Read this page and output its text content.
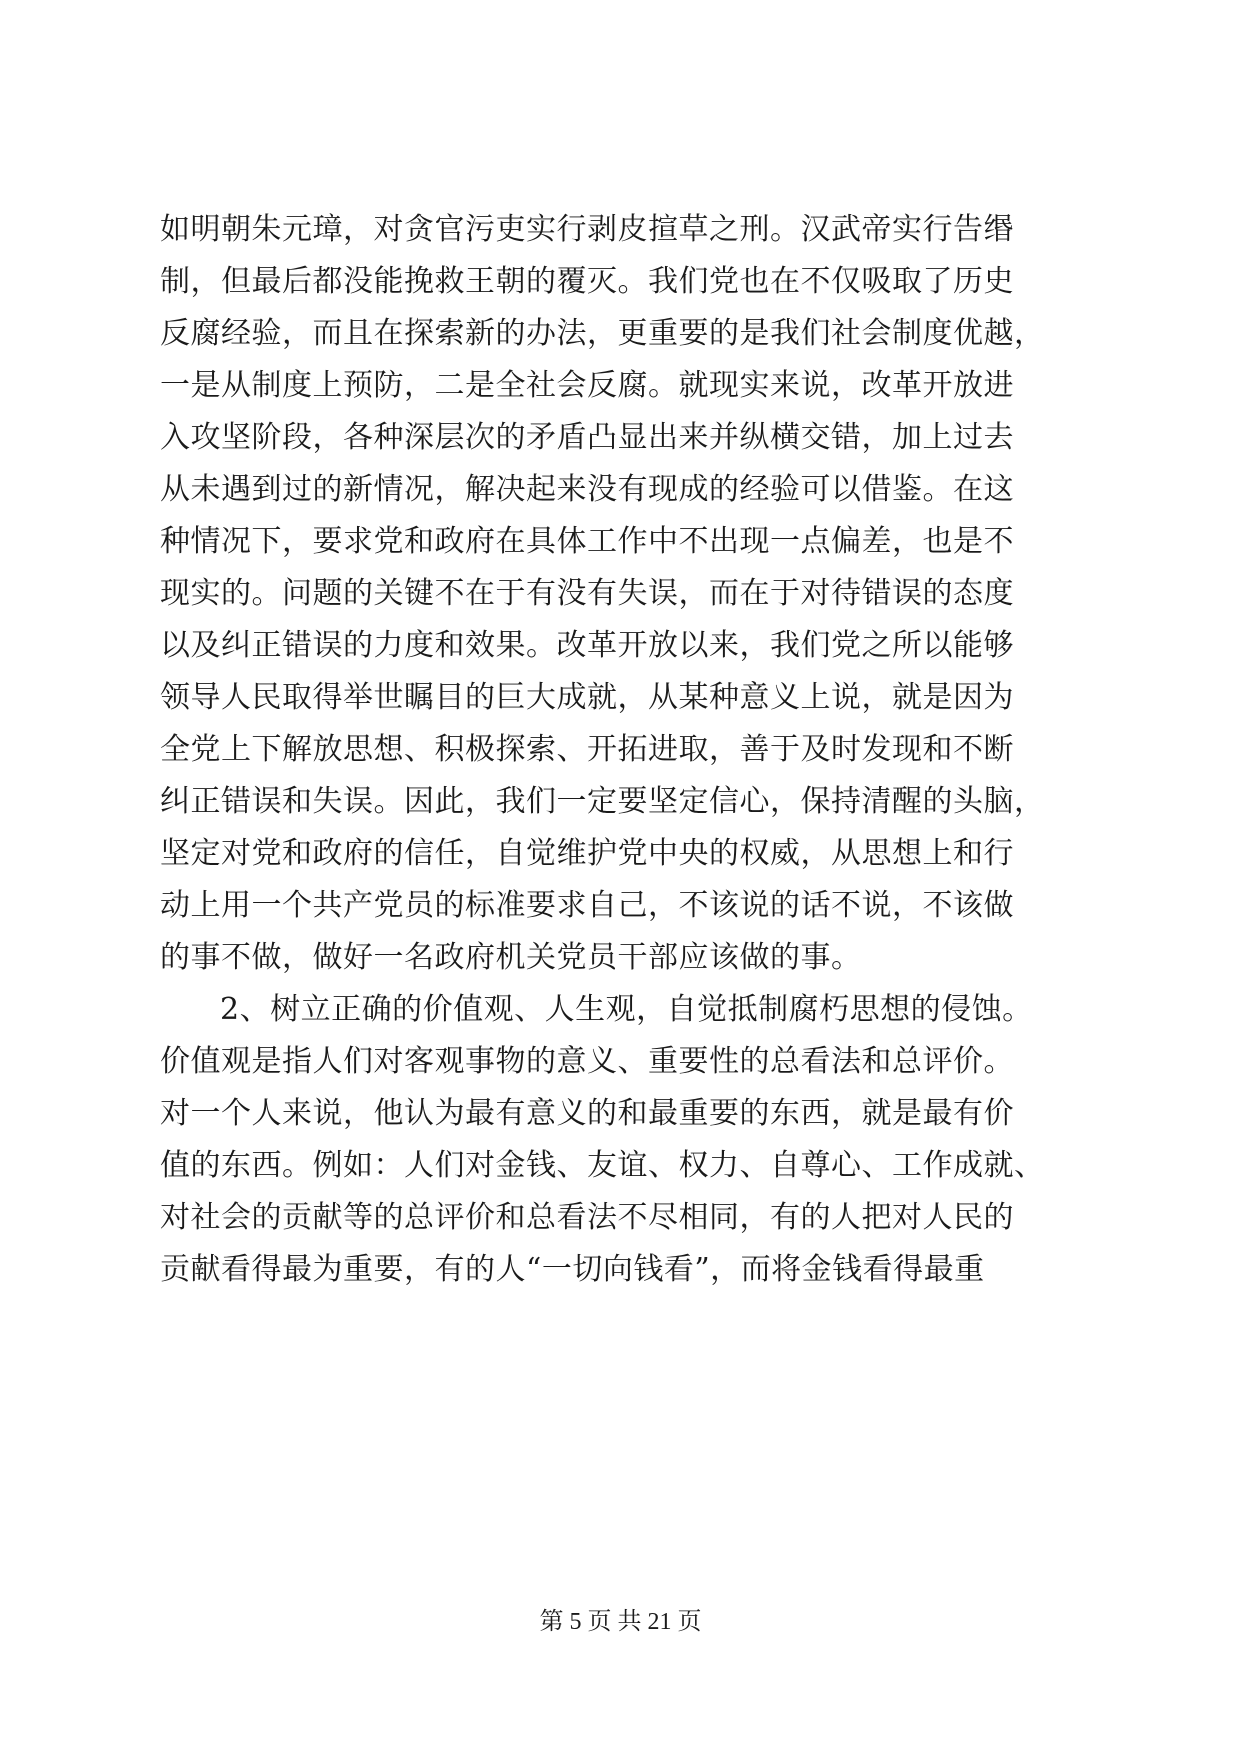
如明朝朱元璋，对贪官污吏实行剥皮揎草之刑。汉武帝实行告缗
制，但最后都没能挽救王朝的覆灭。我们党也在不仅吸取了历史
反腐经验，而且在探索新的办法，更重要的是我们社会制度优越，
一是从制度上预防，二是全社会反腐。就现实来说，改革开放进
入攻坚阶段，各种深层次的矛盾凸显出来并纵横交错，加上过去
从未遇到过的新情况，解决起来没有现成的经验可以借鉴。在这
种情况下，要求党和政府在具体工作中不出现一点偏差，也是不
现实的。问题的关键不在于有没有失误，而在于对待错误的态度
以及纠正错误的力度和效果。改革开放以来，我们党之所以能够
领导人民取得举世瞩目的巨大成就，从某种意义上说，就是因为
全党上下解放思想、积极探索、开拓进取，善于及时发现和不断
纠正错误和失误。因此，我们一定要坚定信心，保持清醒的头脑，
坚定对党和政府的信任，自觉维护党中央的权威，从思想上和行
动上用一个共产党员的标准要求自己，不该说的话不说，不该做
的事不做，做好一名政府机关党员干部应该做的事。
2、树立正确的价值观、人生观，自觉抵制腐朽思想的侵蚀。
价值观是指人们对客观事物的意义、重要性的总看法和总评价。
对一个人来说，他认为最有意义的和最重要的东西，就是最有价
值的东西。例如：人们对金钱、友谊、权力、自尊心、工作成就、
对社会的贡献等的总评价和总看法不尽相同，有的人把对人民的
贡献看得最为重要，有的人“一切向钱看”，而将金钱看得最重
第 5 页 共 21 页
